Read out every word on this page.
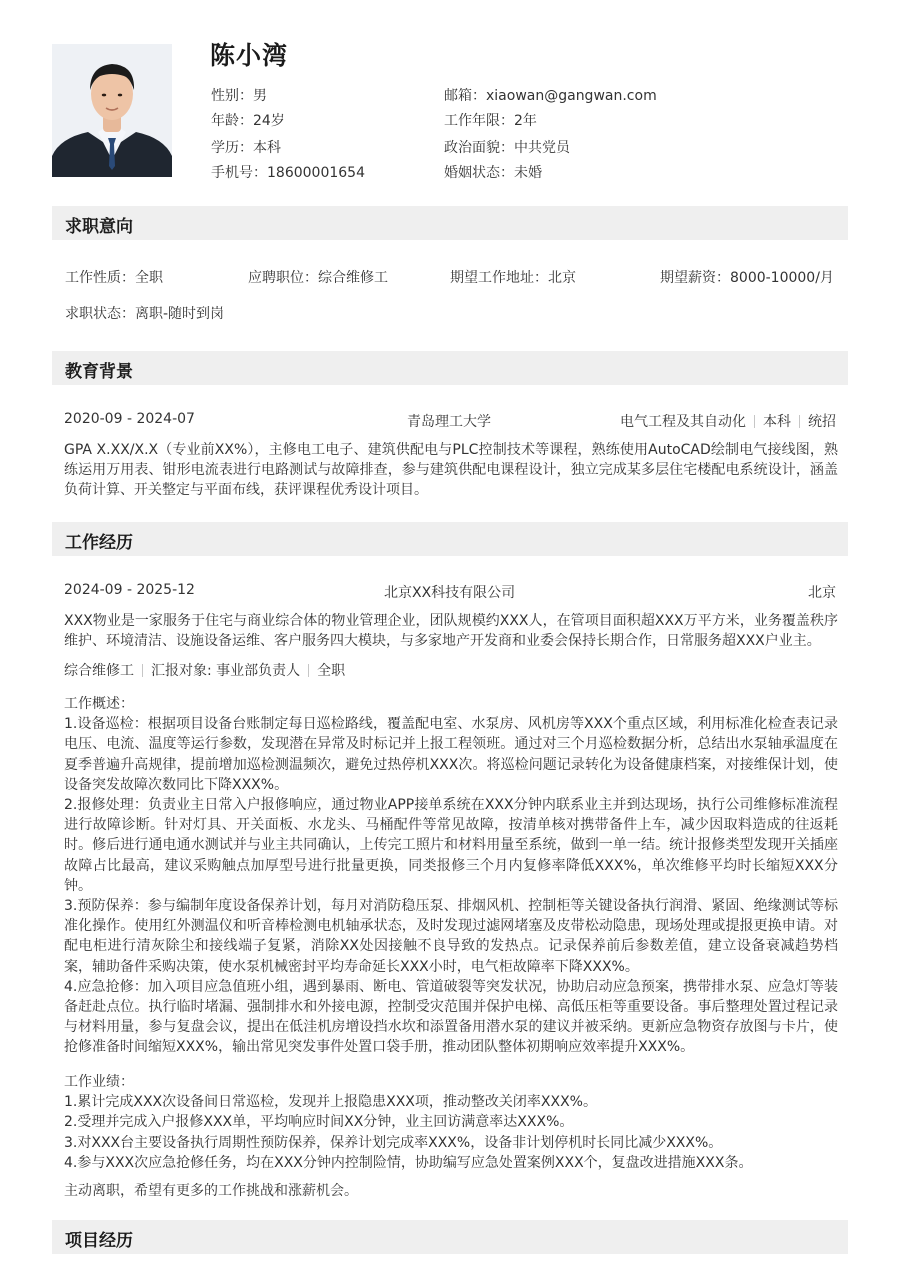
陈小湾
性别：男
年龄：24岁
学历：本科
手机号：18600001654
邮箱：xiaowan@gangwan.com
工作年限：2年
政治面貌：中共党员
婚姻状态：未婚
求职意向
工作性质：全职	应聘职位：综合维修工	期望工作地址：北京	期望薪资：8000-10000/月
求职状态：离职-随时到岗
教育背景
2020-09 - 2024-07	青岛理工大学	电气工程及其自动化 本科 统招
GPA X.XX/X.X（专业前XX%），主修电工电子、建筑供配电与PLC控制技术等课程，熟练使用AutoCAD绘制电气接线图，熟练运用万用表、钳形电流表进行电路测试与故障排查，参与建筑供配电课程设计，独立完成某多层住宅楼配电系统设计，涵盖负荷计算、开关整定与平面布线，获评课程优秀设计项目。
工作经历
2024-09 - 2025-12	北京XX科技有限公司	北京
XXX物业是一家服务于住宅与商业综合体的物业管理企业，团队规模约XXX人，在管项目面积超XXX万平方米，业务覆盖秩序维护、环境清洁、设施设备运维、客户服务四大模块，与多家地产开发商和业委会保持长期合作，日常服务超XXX户业主。
综合维修工 汇报对象: 事业部负责人 全职
工作概述：
1.设备巡检：根据项目设备台账制定每日巡检路线，覆盖配电室、水泵房、风机房等XXX个重点区域，利用标准化检查表记录电压、电流、温度等运行参数，发现潜在异常及时标记并上报工程领班。通过对三个月巡检数据分析，总结出水泵轴承温度在夏季普遍升高规律，提前增加巡检测温频次，避免过热停机XXX次。将巡检问题记录转化为设备健康档案，对接维保计划，使设备突发故障次数同比下降XXX%。
2.报修处理：负责业主日常入户报修响应，通过物业APP接单系统在XXX分钟内联系业主并到达现场，执行公司维修标准流程进行故障诊断。针对灯具、开关面板、水龙头、马桶配件等常见故障，按清单核对携带备件上车，减少因取料造成的往返耗时。修后进行通电通水测试并与业主共同确认，上传完工照片和材料用量至系统，做到一单一结。统计报修类型发现开关插座故障占比最高，建议采购触点加厚型号进行批量更换，同类报修三个月内复修率降低XXX%，单次维修平均时长缩短XXX分钟。
3.预防保养：参与编制年度设备保养计划，每月对消防稳压泵、排烟风机、控制柜等关键设备执行润滑、紧固、绝缘测试等标准化操作。使用红外测温仪和听音棒检测电机轴承状态，及时发现过滤网堵塞及皮带松动隐患，现场处理或提报更换申请。对配电柜进行清灰除尘和接线端子复紧，消除XX处因接触不良导致的发热点。记录保养前后参数差值，建立设备衰减趋势档案，辅助备件采购决策，使水泵机械密封平均寿命延长XXX小时，电气柜故障率下降XXX%。
4.应急抢修：加入项目应急值班小组，遇到暴雨、断电、管道破裂等突发状况，协助启动应急预案，携带排水泵、应急灯等装备赶赴点位。执行临时堵漏、强制排水和外接电源，控制受灾范围并保护电梯、高低压柜等重要设备。事后整理处置过程记录与材料用量，参与复盘会议，提出在低洼机房增设挡水坎和添置备用潜水泵的建议并被采纳。更新应急物资存放图与卡片，使抢修准备时间缩短XXX%，输出常见突发事件处置口袋手册，推动团队整体初期响应效率提升XXX%。
工作业绩：
1.累计完成XXX次设备间日常巡检，发现并上报隐患XXX项，推动整改关闭率XXX%。
2.受理并完成入户报修XXX单，平均响应时间XX分钟，业主回访满意率达XXX%。
3.对XXX台主要设备执行周期性预防保养，保养计划完成率XXX%，设备非计划停机时长同比减少XXX%。
4.参与XXX次应急抢修任务，均在XXX分钟内控制险情，协助编写应急处置案例XXX个，复盘改进措施XXX条。
主动离职，希望有更多的工作挑战和涨薪机会。
项目经历
